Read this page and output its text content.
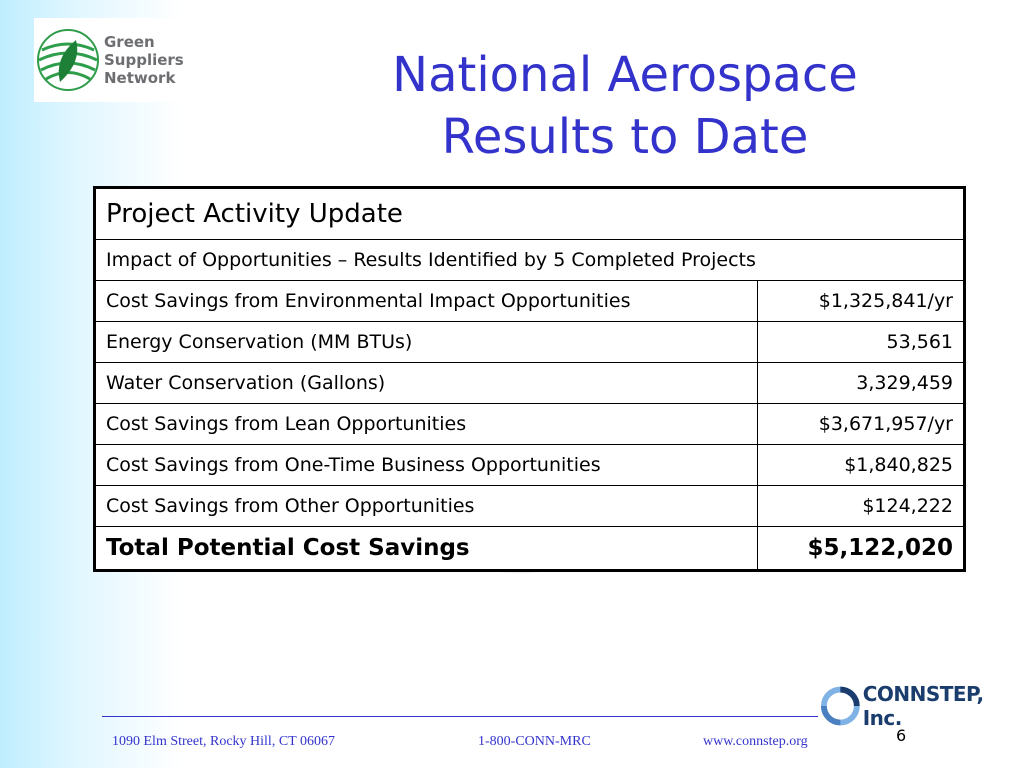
Green
Suppliers
Network	National Aerospace
Results to Date
Project Activity Update	
Impact of Opportunities – Results Identified by 5 Completed Projects	
Cost Savings from Environmental Impact Opportunities	$1,325,841/yr
Energy Conservation (MM BTUs)	53,561
Water Conservation (Gallons)	3,329,459
Cost Savings from Lean Opportunities	$3,671,957/yr
Cost Savings from One-Time Business Opportunities	$1,840,825
Cost Savings from Other Opportunities	$124,222
Total Potential Cost Savings	$5,122,020
1090 Elm Street, Rocky Hill, CT 06067	1-800-CONN-MRC	www.connstep.org
CONNSTEP, Inc.
6
